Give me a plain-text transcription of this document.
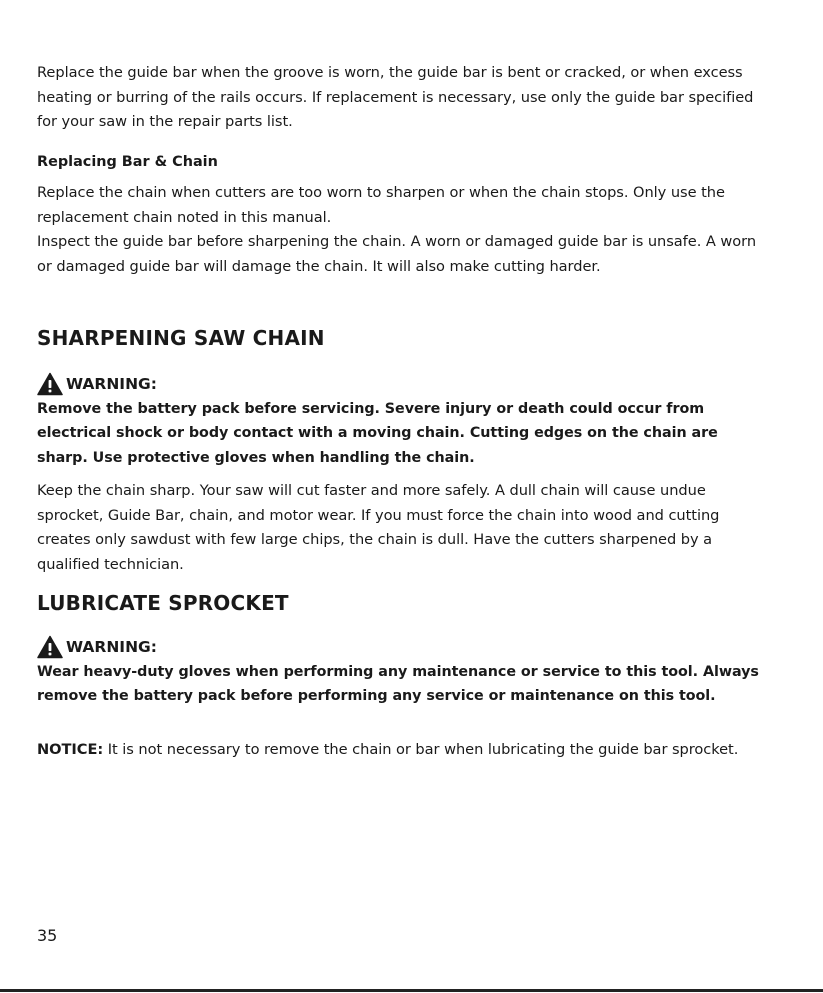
Replace the guide bar when the groove is worn, the guide bar is bent or cracked, or when excess heating or burring of the rails occurs. If replacement is necessary, use only the guide bar specified for your saw in the repair parts list.

Replacing Bar & Chain

Replace the chain when cutters are too worn to sharpen or when the chain stops. Only use the replacement chain noted in this manual.

Inspect the guide bar before sharpening the chain. A worn or damaged guide bar is unsafe. A worn or damaged guide bar will damage the chain. It will also make cutting harder.

SHARPENING SAW CHAIN

WARNING:

Remove the battery pack before servicing. Severe injury or death could occur from electrical shock or body contact with a moving chain. Cutting edges on the chain are sharp. Use protective gloves when handling the chain.

Keep the chain sharp. Your saw will cut faster and more safely. A dull chain will cause undue sprocket, Guide Bar, chain, and motor wear. If you must force the chain into wood and cutting creates only sawdust with few large chips, the chain is dull. Have the cutters sharpened by a qualified technician.

LUBRICATE SPROCKET

WARNING:

Wear heavy-duty gloves when performing any maintenance or service to this tool. Always remove the battery pack before performing any service or maintenance on this tool.

NOTICE: It is not necessary to remove the chain or bar when lubricating the guide bar sprocket.

35
